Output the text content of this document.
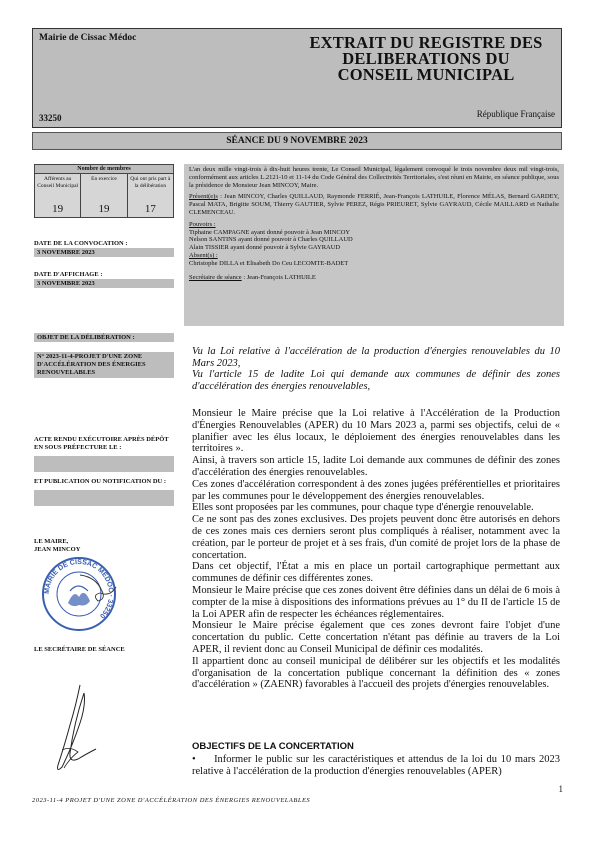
Mairie de Cissac Médoc	EXTRAIT DU REGISTRE DES
DELIBERATIONS DU
CONSEIL MUNICIPAL
33250	République Française
SÉANCE DU 9 NOVEMBRE 2023
Nombre de membres
Afférents au Conseil Municipal
19
En exercice
19
Qui ont pris part à la délibération
17
DATE DE LA CONVOCATION :
3 NOVEMBRE 2023
DATE D'AFFICHAGE :
3 NOVEMBRE 2023
OBJET DE LA DÉLIBÉRATION :
N° 2023-11-4-PROJET D'UNE ZONE D'ACCÉLÉRATION DES ÉNERGIES RENOUVELABLES
ACTE RENDU EXÉCUTOIRE APRÈS DÉPÔT EN SOUS PRÉFECTURE LE :
ET PUBLICATION OU NOTIFICATION DU :
LE MAIRE,
JEAN MINCOY
MAIRIE DE CISSAC MÉDOC · 33250
LE SECRÉTAIRE DE SÉANCE

L'an deux mille vingt-trois à dix-huit heures trente, Le Conseil Municipal, légalement convoqué le trois novembre deux mil vingt-trois, conformément aux articles L.2121-10 et 11-14 du Code Général des Collectivités Territoriales, s'est réuni en Mairie, en séance publique, sous la présidence de Monsieur Jean MINCOY, Maire.

Présent(e)s : Jean MINCOY, Charles QUILLAUD, Raymonde FERRIÉ, Jean-François LATHUILE, Florence MÉLAS, Bernard GARDEY, Pascal MATA, Brigitte SOUM, Thierry GAUTIER, Sylvie PEREZ, Régis PRIEURET, Sylvie GAYRAUD, Cécile MAILLARD et Nathalie CLEMENCEAU.

Pouvoirs :
Tiphaine CAMPAGNE ayant donné pouvoir à Jean MINCOY
Nelson SANTINS ayant donné pouvoir à Charles QUILLAUD
Alain TISSIER ayant donné pouvoir à Sylvie GAYRAUD
Absent(s) :
Christophe DILLA et Elisabeth Do Ceu LECOMTE-BADET

Secrétaire de séance : Jean-François LATHUILE

Vu la Loi relative à l'accélération de la production d'énergies renouvelables du 10 Mars 2023,

Vu l'article 15 de ladite Loi qui demande aux communes de définir des zones d'accélération des énergies renouvelables,

Monsieur le Maire précise que la Loi relative à l'Accélération de la Production d'Énergies Renouvelables (APER) du 10 Mars 2023 a, parmi ses objectifs, celui de « planifier avec les élus locaux, le déploiement des énergies renouvelables dans les territoires ».

Ainsi, à travers son article 15, ladite Loi demande aux communes de définir des zones d'accélération des énergies renouvelables.

Ces zones d'accélération correspondent à des zones jugées préférentielles et prioritaires par les communes pour le développement des énergies renouvelables.

Elles sont proposées par les communes, pour chaque type d'énergie renouvelable.

Ce ne sont pas des zones exclusives. Des projets peuvent donc être autorisés en dehors de ces zones mais ces derniers seront plus compliqués à réaliser, notamment avec la création, par le porteur de projet et à ses frais, d'un comité de projet lors de la phase de concertation.

Dans cet objectif, l'État a mis en place un portail cartographique permettant aux communes de définir ces différentes zones.

Monsieur le Maire précise que ces zones doivent être définies dans un délai de 6 mois à compter de la mise à dispositions des informations prévues au 1° du II de l'article 15 de la Loi APER afin de respecter les échéances réglementaires.

Monsieur le Maire précise également que ces zones devront faire l'objet d'une concertation du public. Cette concertation n'étant pas définie au travers de la Loi APER, il revient donc au Conseil Municipal de définir ces modalités.

Il appartient donc au conseil municipal de délibérer sur les objectifs et les modalités d'organisation de la concertation publique concernant la définition des « zones d'accélération » (ZAENR) favorables à l'accueil des projets d'énergies renouvelables.

OBJECTIFS DE LA CONCERTATION
•     Informer le public sur les caractéristiques et attendus de la loi du 10 mars 2023 relative à l'accélération de la production d'énergies renouvelables (APER)
1
2023-11-4 PROJET D'UNE ZONE D'ACCÉLÉRATION DES ÉNERGIES RENOUVELABLES
